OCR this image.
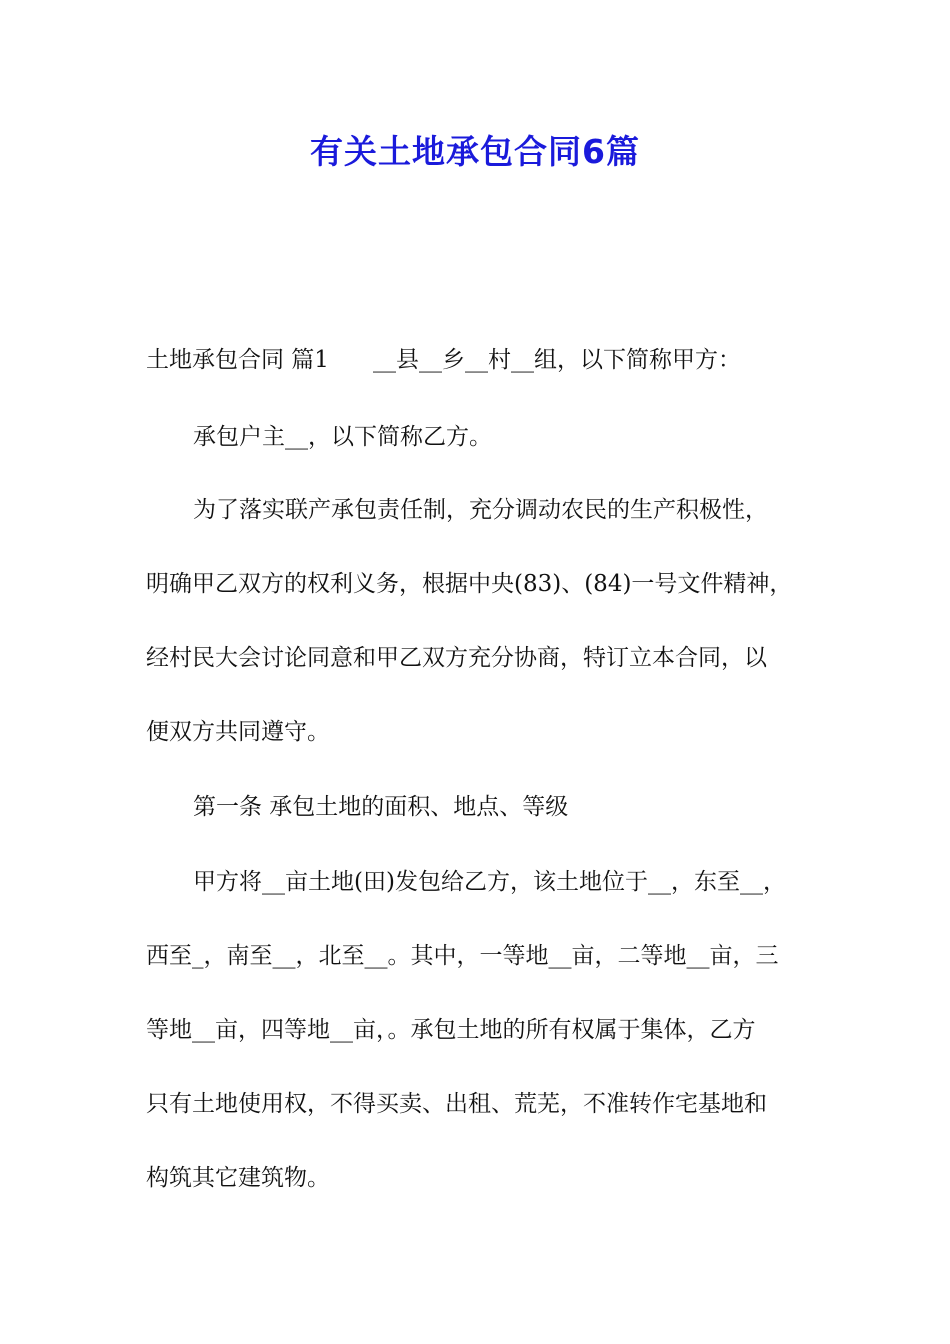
有关土地承包合同6篇
土地承包合同 篇1 __县__乡__村__组，以下简称甲方：
承包户主__，以下简称乙方。
为了落实联产承包责任制，充分调动农民的生产积极性，
明确甲乙双方的权利义务，根据中央(83)、(84)一号文件精神，
经村民大会讨论同意和甲乙双方充分协商，特订立本合同，以
便双方共同遵守。
第一条 承包土地的面积、地点、等级
甲方将__亩土地(田)发包给乙方，该土地位于__，东至__，
西至_，南至__，北至__。其中，一等地__亩，二等地__亩，三
等地__亩，四等地__亩，。承包土地的所有权属于集体，乙方
只有土地使用权，不得买卖、出租、荒芜，不准转作宅基地和
构筑其它建筑物。
